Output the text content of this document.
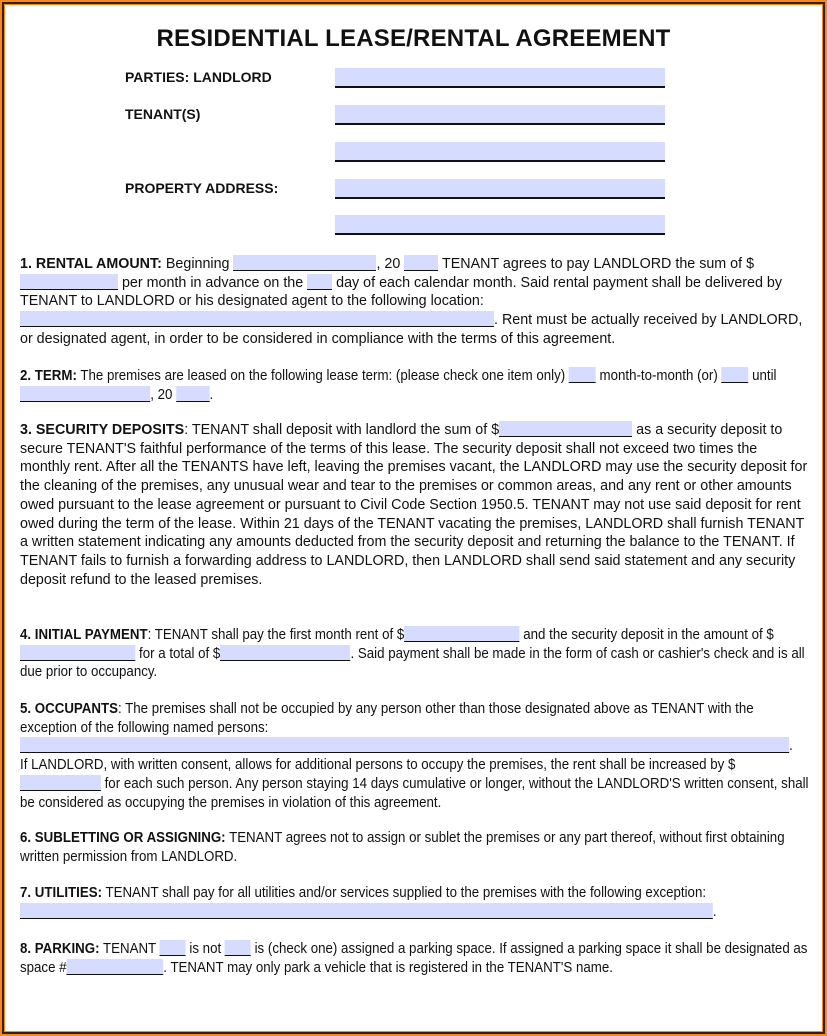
RESIDENTIAL LEASE/RENTAL AGREEMENT
PARTIES: LANDLORD
TENANT(S)
PROPERTY ADDRESS:

1. RENTAL AMOUNT: Beginning	, 20  TENANT agrees to pay LANDLORD the sum of $ per month in advance on the  day of each calendar month. Said rental payment shall be delivered by TENANT to LANDLORD or his designated agent to the following location: . Rent must be actually received by LANDLORD, or designated agent, in order to be considered in compliance with the terms of this agreement.

2. TERM: The premises are leased on the following lease term: (please check one item only)  month-to-month (or)  until , 20 .

3. SECURITY DEPOSITS: TENANT shall deposit with landlord the sum of $	as a security deposit to secure TENANT'S faithful performance of the terms of this lease. The security deposit shall not exceed two times the monthly rent. After all the TENANTS have left, leaving the premises vacant, the LANDLORD may use the security deposit for the cleaning of the premises, any unusual wear and tear to the premises or common areas, and any rent or other amounts owed pursuant to the lease agreement or pursuant to Civil Code Section 1950.5. TENANT may not use said deposit for rent owed during the term of the lease. Within 21 days of the TENANT vacating the premises, LANDLORD shall furnish TENANT a written statement indicating any amounts deducted from the security deposit and returning the balance to the TENANT. If TENANT fails to furnish a forwarding address to LANDLORD, then LANDLORD shall send said statement and any security deposit refund to the leased premises.

4. INITIAL PAYMENT: TENANT shall pay the first month rent of $	and the security deposit in the amount of $ for a total of $	. Said payment shall be made in the form of cash or cashier's check and is all due prior to occupancy.

5. OCCUPANTS: The premises shall not be occupied by any person other than those designated above as TENANT with the exception of the following named persons:

.

If LANDLORD, with written consent, allows for additional persons to occupy the premises, the rent shall be increased by $  for each such person. Any person staying 14 days cumulative or longer, without the LANDLORD'S written consent, shall be considered as occupying the premises in violation of this agreement.

6. SUBLETTING OR ASSIGNING: TENANT agrees not to assign or sublet the premises or any part thereof, without first obtaining written permission from LANDLORD.

7. UTILITIES: TENANT shall pay for all utilities and/or services supplied to the premises with the following exception: .

8. PARKING: TENANT  is not  is (check one) assigned a parking space. If assigned a parking space it shall be designated as space #	. TENANT may only park a vehicle that is registered in the TENANT'S name.
